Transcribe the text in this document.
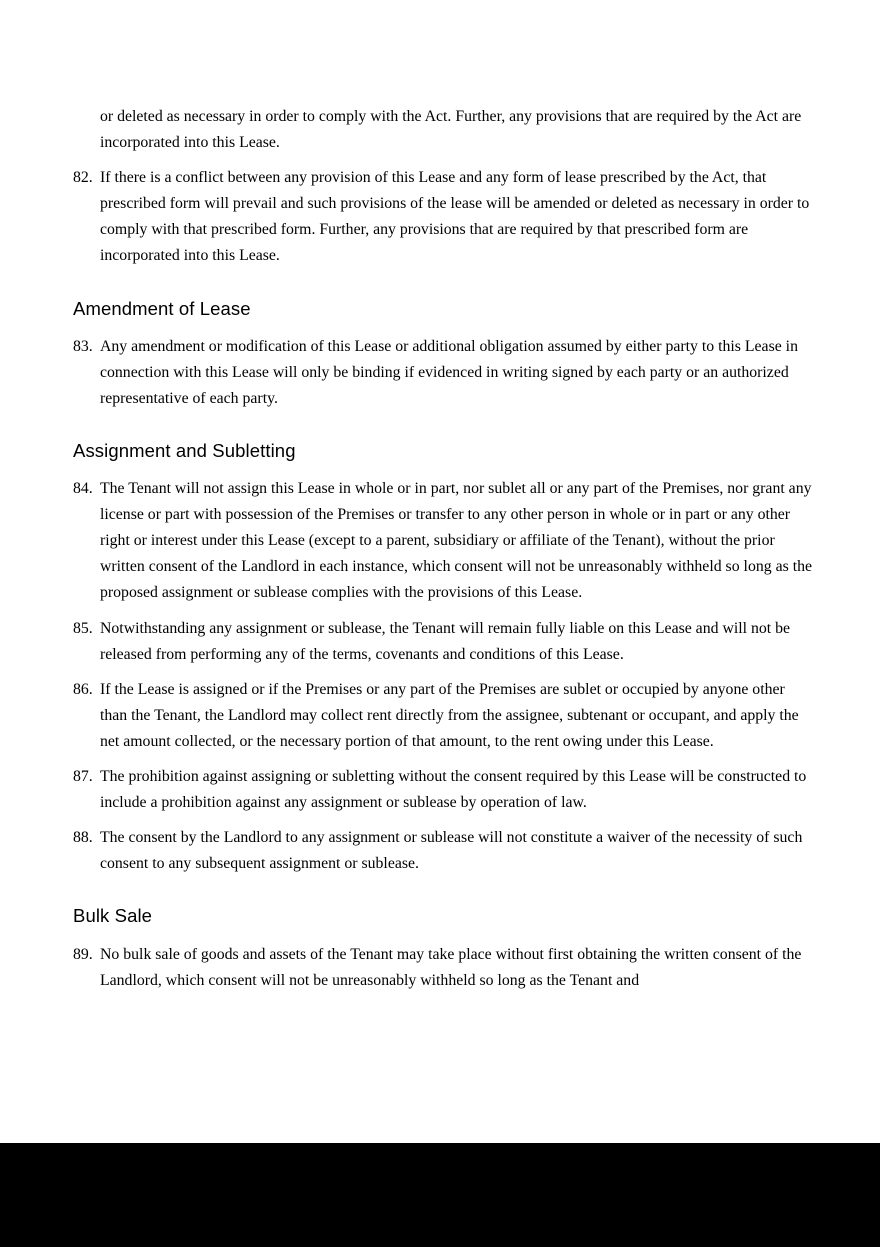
or deleted as necessary in order to comply with the Act. Further, any provisions that are required by the Act are incorporated into this Lease.
82. If there is a conflict between any provision of this Lease and any form of lease prescribed by the Act, that prescribed form will prevail and such provisions of the lease will be amended or deleted as necessary in order to comply with that prescribed form. Further, any provisions that are required by that prescribed form are incorporated into this Lease.
Amendment of Lease
83. Any amendment or modification of this Lease or additional obligation assumed by either party to this Lease in connection with this Lease will only be binding if evidenced in writing signed by each party or an authorized representative of each party.
Assignment and Subletting
84. The Tenant will not assign this Lease in whole or in part, nor sublet all or any part of the Premises, nor grant any license or part with possession of the Premises or transfer to any other person in whole or in part or any other right or interest under this Lease (except to a parent, subsidiary or affiliate of the Tenant), without the prior written consent of the Landlord in each instance, which consent will not be unreasonably withheld so long as the proposed assignment or sublease complies with the provisions of this Lease.
85. Notwithstanding any assignment or sublease, the Tenant will remain fully liable on this Lease and will not be released from performing any of the terms, covenants and conditions of this Lease.
86. If the Lease is assigned or if the Premises or any part of the Premises are sublet or occupied by anyone other than the Tenant, the Landlord may collect rent directly from the assignee, subtenant or occupant, and apply the net amount collected, or the necessary portion of that amount, to the rent owing under this Lease.
87. The prohibition against assigning or subletting without the consent required by this Lease will be constructed to include a prohibition against any assignment or sublease by operation of law.
88. The consent by the Landlord to any assignment or sublease will not constitute a waiver of the necessity of such consent to any subsequent assignment or sublease.
Bulk Sale
89. No bulk sale of goods and assets of the Tenant may take place without first obtaining the written consent of the Landlord, which consent will not be unreasonably withheld so long as the Tenant and
